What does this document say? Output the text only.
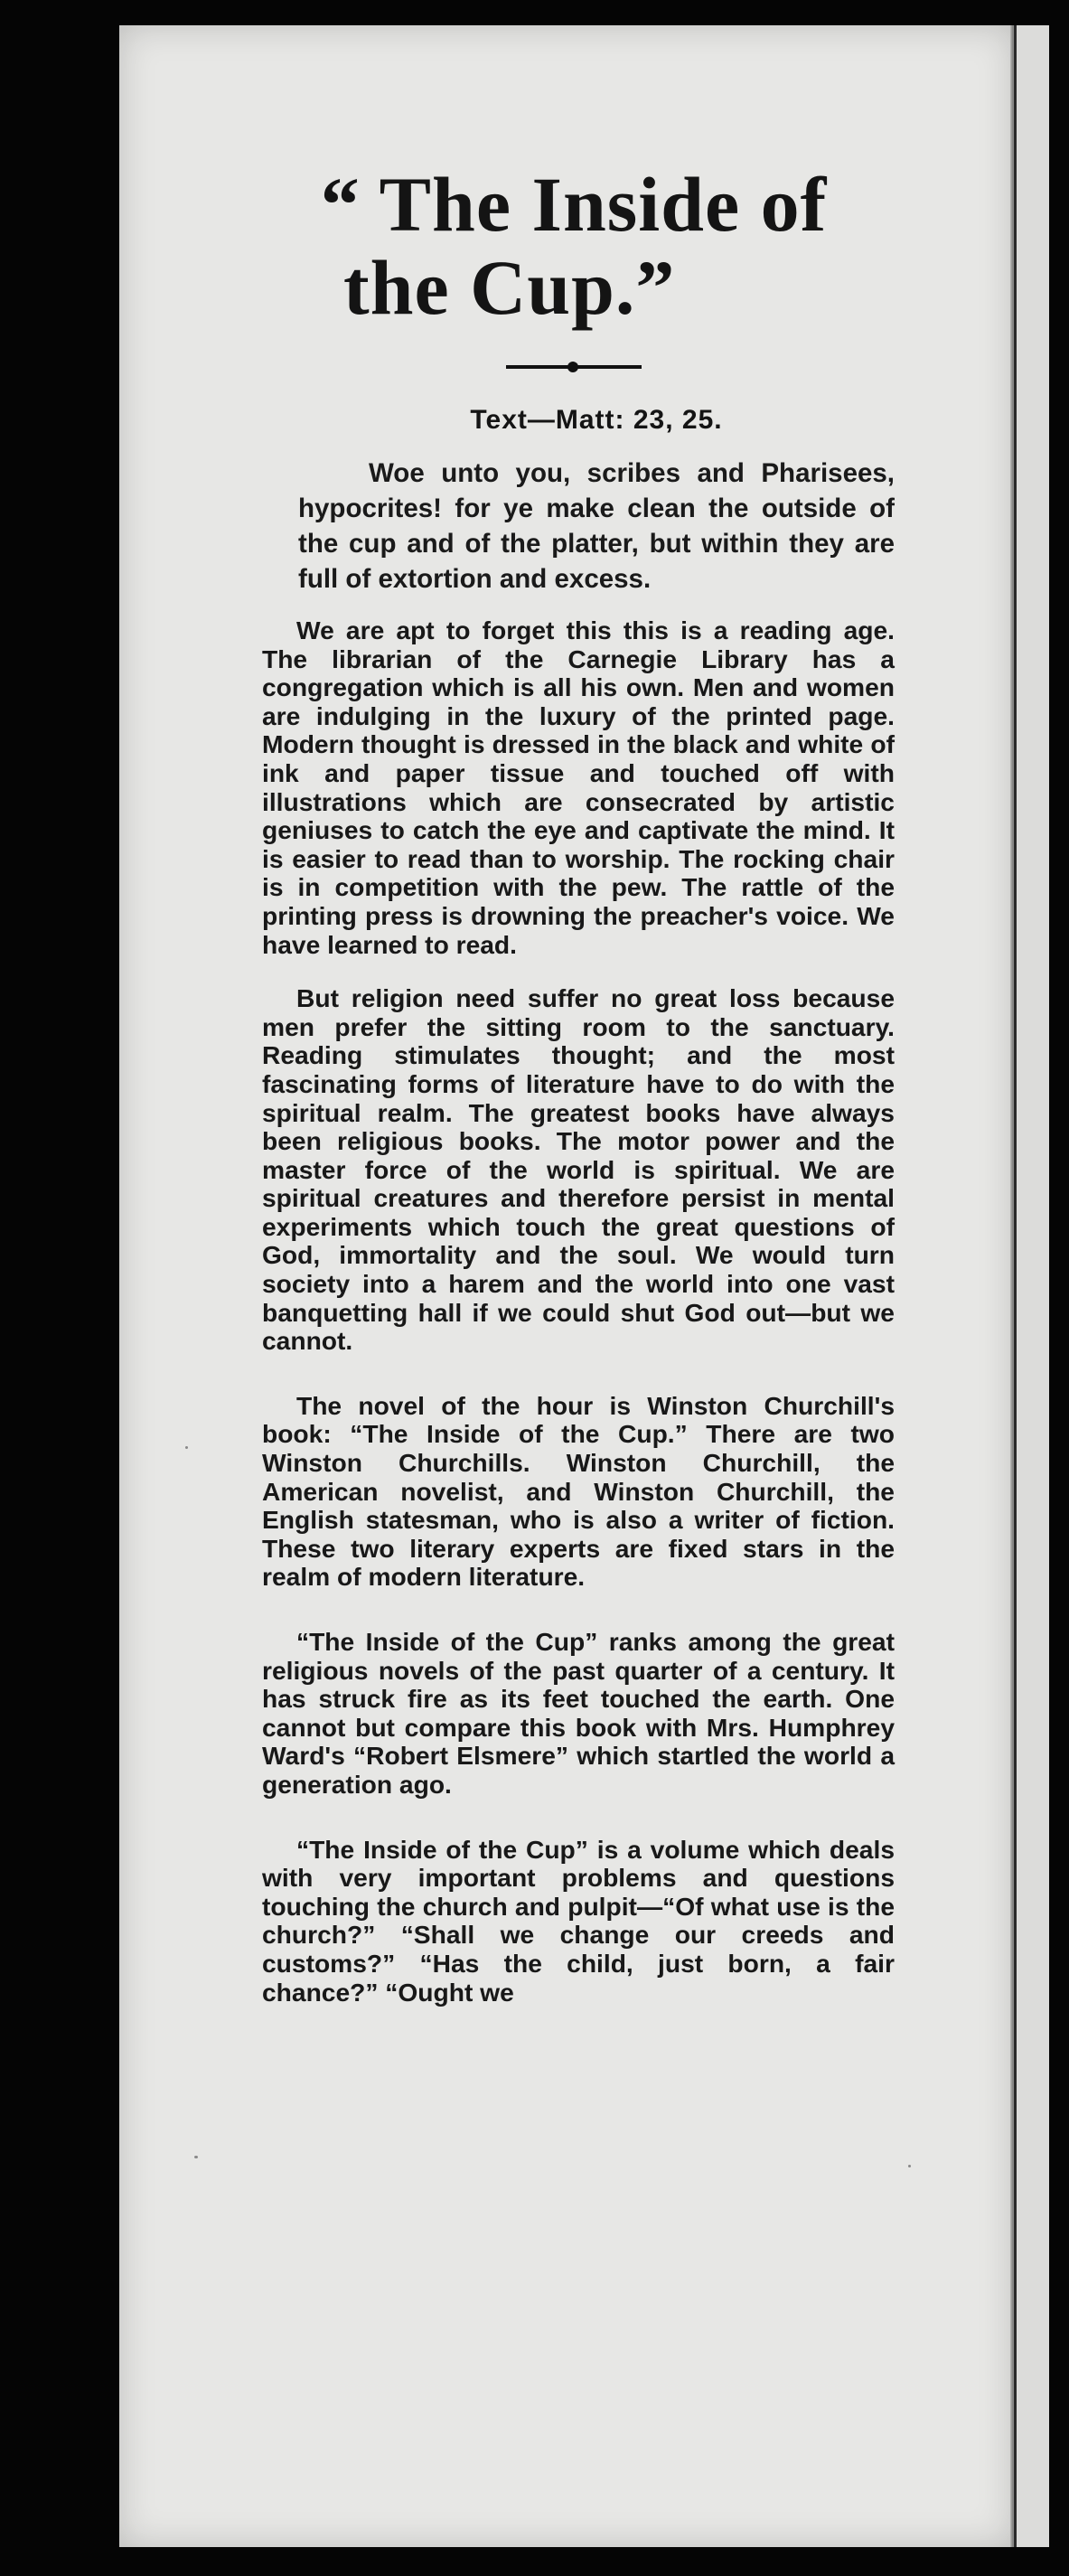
“ The Inside of
the Cup.”
Text—Matt: 23, 25.

Woe unto you, scribes and Pharisees, hypocrites! for ye make clean the outside of the cup and of the platter, but within they are full of extortion and excess.

We are apt to forget this this is a reading age. The librarian of the Carnegie Library has a congregation which is all his own. Men and women are indulging in the luxury of the printed page. Modern thought is dressed in the black and white of ink and paper tissue and touched off with illustrations which are consecrated by artistic geniuses to catch the eye and captivate the mind. It is easier to read than to worship. The rocking chair is in competition with the pew. The rattle of the printing press is drowning the preacher's voice. We have learned to read.

But religion need suffer no great loss because men prefer the sitting room to the sanctuary. Reading stimulates thought; and the most fascinating forms of literature have to do with the spiritual realm. The greatest books have always been religious books. The motor power and the master force of the world is spiritual. We are spiritual creatures and therefore persist in mental experiments which touch the great questions of God, immortality and the soul. We would turn society into a harem and the world into one vast banquetting hall if we could shut God out—but we cannot.

The novel of the hour is Winston Churchill's book: “The Inside of the Cup.” There are two Winston Churchills. Winston Churchill, the American novelist, and Winston Churchill, the English statesman, who is also a writer of fiction. These two literary experts are fixed stars in the realm of modern literature.

“The Inside of the Cup” ranks among the great religious novels of the past quarter of a century. It has struck fire as its feet touched the earth. One cannot but compare this book with Mrs. Humphrey Ward's “Robert Elsmere” which startled the world a generation ago.

“The Inside of the Cup” is a volume which deals with very important problems and questions touching the church and pulpit—“Of what use is the church?” “Shall we change our creeds and customs?” “Has the child, just born, a fair chance?” “Ought we
